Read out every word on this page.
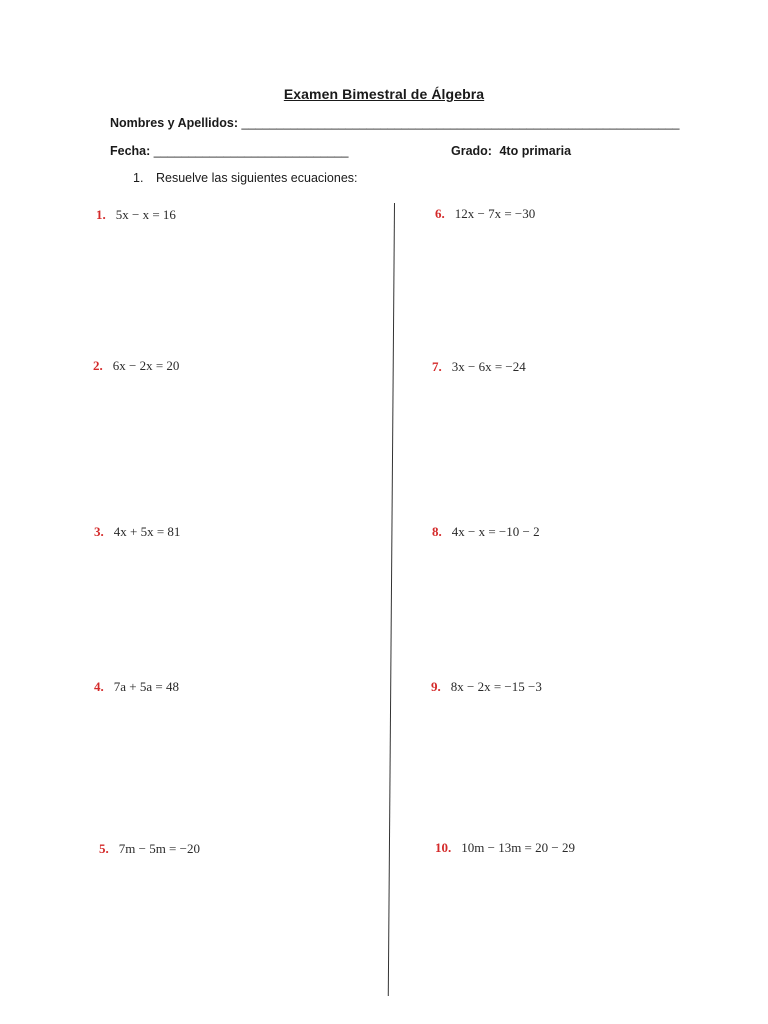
Examen Bimestral de Álgebra
Nombres y Apellidos: _______________________________________________________________
Fecha: ____________________________	Grado: 4to primaria
1. Resuelve las siguientes ecuaciones:
1. 5x − x = 16
2. 6x − 2x = 20
3. 4x + 5x = 81
4. 7a + 5a = 48
5. 7m − 5m = −20
6. 12x − 7x = −30
7. 3x − 6x = −24
8. 4x − x = −10 − 2
9. 8x − 2x = −15 −3
10. 10m − 13m = 20 − 29
